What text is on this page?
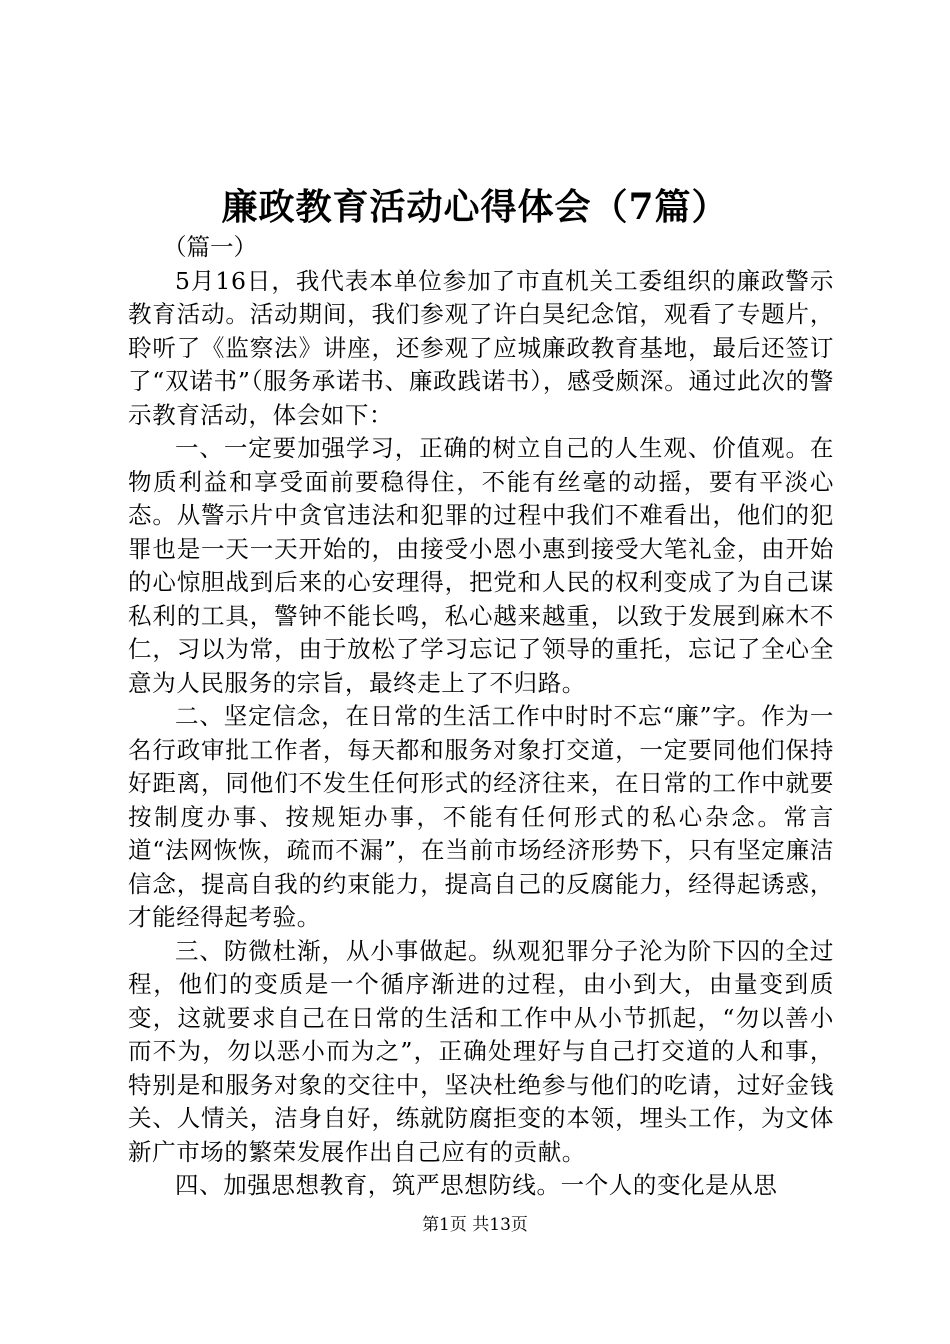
廉政教育活动心得体会（7篇）

（篇一）

5月16日，我代表本单位参加了市直机关工委组织的廉政警示教育活动。活动期间，我们参观了许白昊纪念馆，观看了专题片，聆听了《监察法》讲座，还参观了应城廉政教育基地，最后还签订了“双诺书”（服务承诺书、廉政践诺书），感受颇深。通过此次的警示教育活动，体会如下：

一、一定要加强学习，正确的树立自己的人生观、价值观。在物质利益和享受面前要稳得住，不能有丝毫的动摇，要有平淡心态。从警示片中贪官违法和犯罪的过程中我们不难看出，他们的犯罪也是一天一天开始的，由接受小恩小惠到接受大笔礼金，由开始的心惊胆战到后来的心安理得，把党和人民的权利变成了为自己谋私利的工具，警钟不能长鸣，私心越来越重，以致于发展到麻木不仁，习以为常，由于放松了学习忘记了领导的重托，忘记了全心全意为人民服务的宗旨，最终走上了不归路。

二、坚定信念，在日常的生活工作中时时不忘“廉”字。作为一名行政审批工作者，每天都和服务对象打交道，一定要同他们保持好距离，同他们不发生任何形式的经济往来，在日常的工作中就要按制度办事、按规矩办事，不能有任何形式的私心杂念。常言道“法网恢恢，疏而不漏”，在当前市场经济形势下，只有坚定廉洁信念，提高自我的约束能力，提高自己的反腐能力，经得起诱惑，才能经得起考验。

三、防微杜渐，从小事做起。纵观犯罪分子沦为阶下囚的全过程，他们的变质是一个循序渐进的过程，由小到大，由量变到质变，这就要求自己在日常的生活和工作中从小节抓起，“勿以善小而不为，勿以恶小而为之”，正确处理好与自己打交道的人和事，特别是和服务对象的交往中，坚决杜绝参与他们的吃请，过好金钱关、人情关，洁身自好，练就防腐拒变的本领，埋头工作，为文体新广市场的繁荣发展作出自己应有的贡献。

四、加强思想教育，筑严思想防线。一个人的变化是从思

第1页 共13页
